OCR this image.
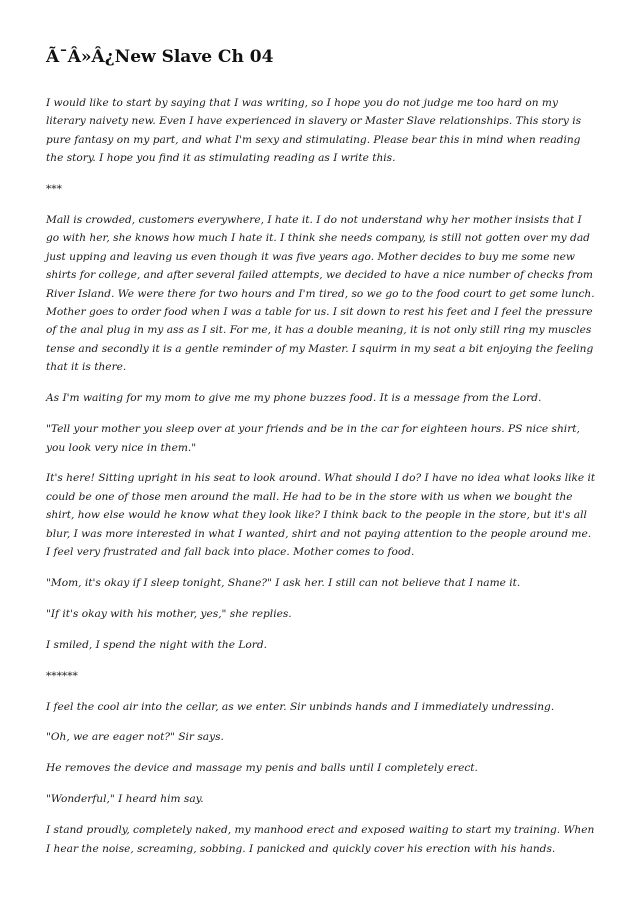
Ã¯Â»Â¿New Slave Ch 04

I would like to start by saying that I was writing, so I hope you do not judge me too hard on my literary naivety new. Even I have experienced in slavery or Master Slave relationships. This story is pure fantasy on my part, and what I'm sexy and stimulating. Please bear this in mind when reading the story. I hope you find it as stimulating reading as I write this.

***

Mall is crowded, customers everywhere, I hate it. I do not understand why her mother insists that I go with her, she knows how much I hate it. I think she needs company, is still not gotten over my dad just upping and leaving us even though it was five years ago. Mother decides to buy me some new shirts for college, and after several failed attempts, we decided to have a nice number of checks from River Island. We were there for two hours and I'm tired, so we go to the food court to get some lunch. Mother goes to order food when I was a table for us. I sit down to rest his feet and I feel the pressure of the anal plug in my ass as I sit. For me, it has a double meaning, it is not only still ring my muscles tense and secondly it is a gentle reminder of my Master. I squirm in my seat a bit enjoying the feeling that it is there.

As I'm waiting for my mom to give me my phone buzzes food. It is a message from the Lord.

"Tell your mother you sleep over at your friends and be in the car for eighteen hours. PS nice shirt, you look very nice in them."

It's here! Sitting upright in his seat to look around. What should I do? I have no idea what looks like it could be one of those men around the mall. He had to be in the store with us when we bought the shirt, how else would he know what they look like? I think back to the people in the store, but it's all blur, I was more interested in what I wanted, shirt and not paying attention to the people around me. I feel very frustrated and fall back into place. Mother comes to food.

"Mom, it's okay if I sleep tonight, Shane?" I ask her. I still can not believe that I name it.

"If it's okay with his mother, yes," she replies.

I smiled, I spend the night with the Lord.

******

I feel the cool air into the cellar, as we enter. Sir unbinds hands and I immediately undressing.

"Oh, we are eager not?" Sir says.

He removes the device and massage my penis and balls until I completely erect.

"Wonderful," I heard him say.

I stand proudly, completely naked, my manhood erect and exposed waiting to start my training. When I hear the noise, screaming, sobbing. I panicked and quickly cover his erection with his hands.
